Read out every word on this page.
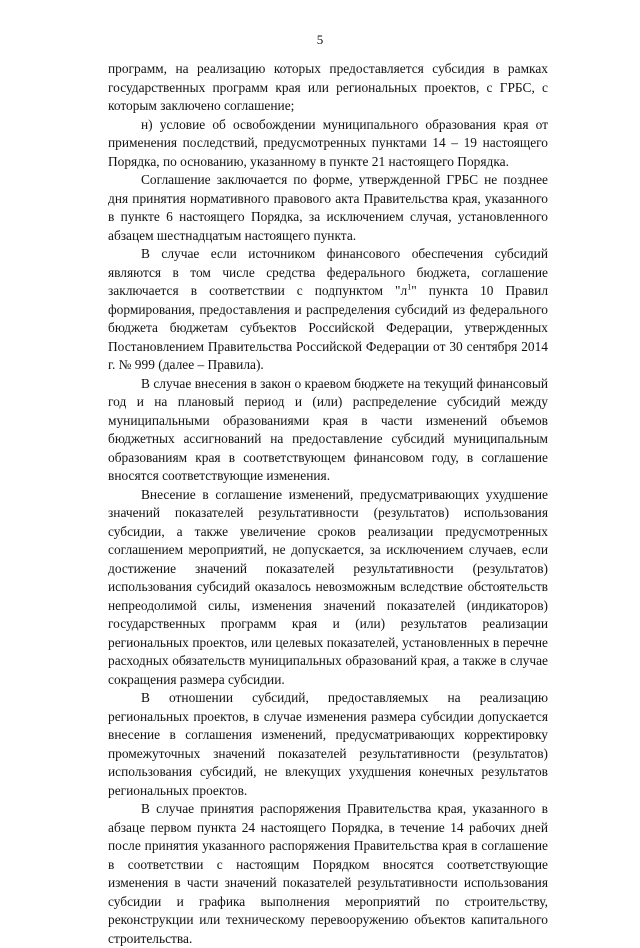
5

программ, на реализацию которых предоставляется субсидия в рамках государственных программ края или региональных проектов, с ГРБС, с которым заключено соглашение;

н) условие об освобождении муниципального образования края от применения последствий, предусмотренных пунктами 14 – 19 настоящего Порядка, по основанию, указанному в пункте 21 настоящего Порядка.

Соглашение заключается по форме, утвержденной ГРБС не позднее дня принятия нормативного правового акта Правительства края, указанного в пункте 6 настоящего Порядка, за исключением случая, установленного абзацем шестнадцатым настоящего пункта.

В случае если источником финансового обеспечения субсидий являются в том числе средства федерального бюджета, соглашение заключается в соответствии с подпунктом "$л^1$" пункта 10 Правил формирования, предоставления и распределения субсидий из федерального бюджета бюджетам субъектов Российской Федерации, утвержденных Постановлением Правительства Российской Федерации от 30 сентября 2014 г. № 999 (далее – Правила).

В случае внесения в закон о краевом бюджете на текущий финансовый год и на плановый период и (или) распределение субсидий между муниципальными образованиями края в части изменений объемов бюджетных ассигнований на предоставление субсидий муниципальным образованиям края в соответствующем финансовом году, в соглашение вносятся соответствующие изменения.

Внесение в соглашение изменений, предусматривающих ухудшение значений показателей результативности (результатов) использования субсидии, а также увеличение сроков реализации предусмотренных соглашением мероприятий, не допускается, за исключением случаев, если достижение значений показателей результативности (результатов) использования субсидий оказалось невозможным вследствие обстоятельств непреодолимой силы, изменения значений показателей (индикаторов) государственных программ края и (или) результатов реализации региональных проектов, или целевых показателей, установленных в перечне расходных обязательств муниципальных образований края, а также в случае сокращения размера субсидии.

В отношении субсидий, предоставляемых на реализацию региональных проектов, в случае изменения размера субсидии допускается внесение в соглашения изменений, предусматривающих корректировку промежуточных значений показателей результативности (результатов) использования субсидий, не влекущих ухудшения конечных результатов региональных проектов.

В случае принятия распоряжения Правительства края, указанного в абзаце первом пункта 24 настоящего Порядка, в течение 14 рабочих дней после принятия указанного распоряжения Правительства края в соглашение в соответствии с настоящим Порядком вносятся соответствующие изменения в части значений показателей результативности использования субсидии и графика выполнения мероприятий по строительству, реконструкции или техническому перевооружению объектов капитального строительства.
